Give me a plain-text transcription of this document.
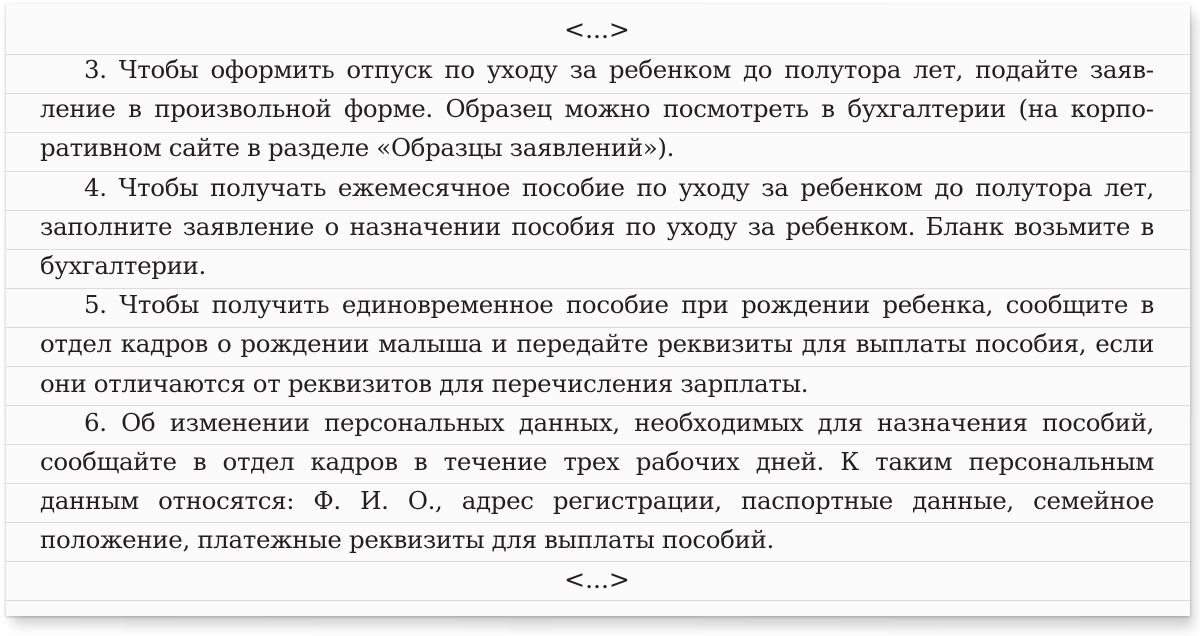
<...>

3. Чтобы оформить отпуск по уходу за ребенком до полутора лет, подайте заявление в произвольной форме. Образец можно посмотреть в бухгалтерии (на корпоративном сайте в разделе «Образцы заявлений»).

4. Чтобы получать ежемесячное пособие по уходу за ребенком до полутора лет, заполните заявление о назначении пособия по уходу за ребенком. Бланк возьмите в бухгалтерии.

5. Чтобы получить единовременное пособие при рождении ребенка, сообщите в отдел кадров о рождении малыша и передайте реквизиты для выплаты пособия, если они отличаются от реквизитов для перечисления зарплаты.

6. Об изменении персональных данных, необходимых для назначения пособий, сообщайте в отдел кадров в течение трех рабочих дней. К таким персональным данным относятся: Ф. И. О., адрес регистрации, паспортные данные, семейное положение, платежные реквизиты для выплаты пособий.

<...>
